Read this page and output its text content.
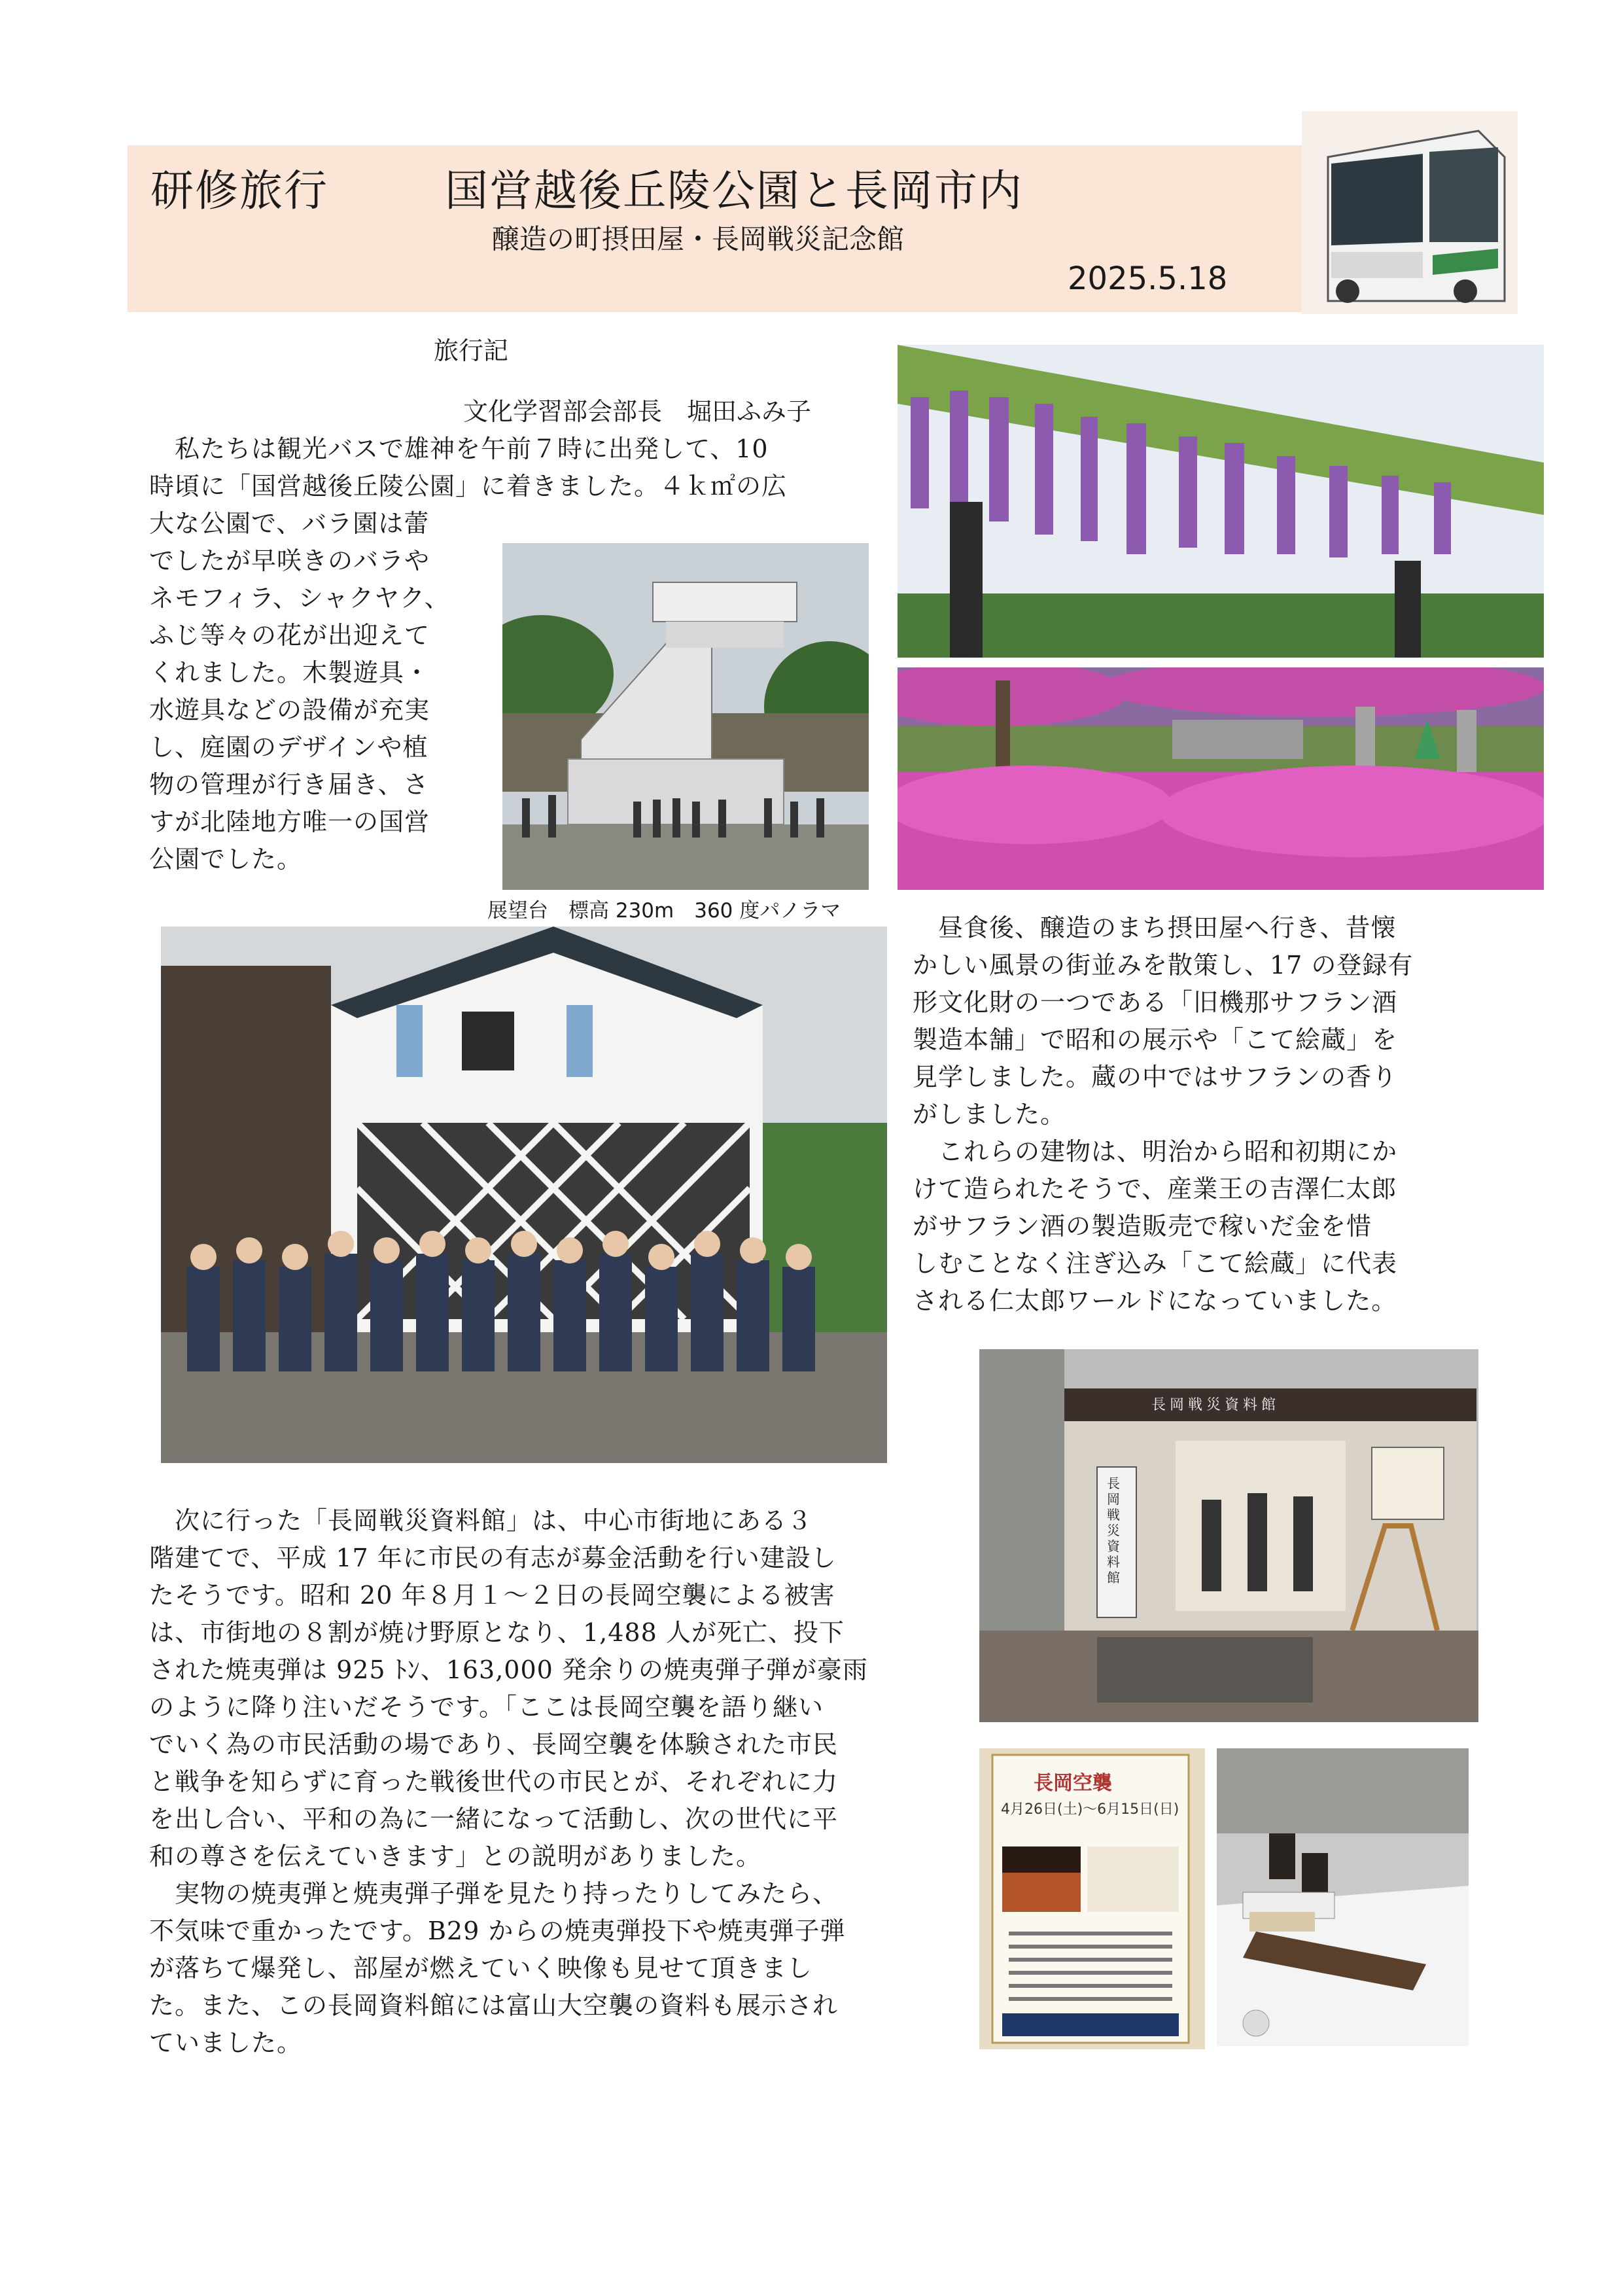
研修旅行	国営越後丘陵公園と長岡市内
醸造の町摂田屋・長岡戦災記念館
2025.5.18
旅行記
文化学習部会部長　堀田ふみ子
　私たちは観光バスで雄神を午前７時に出発して、10
時頃に「国営越後丘陵公園」に着きました。４ｋ㎡の広
大な公園で、バラ園は蕾
でしたが早咲きのバラや
ネモフィラ、シャクヤク、
ふじ等々の花が出迎えて
くれました。木製遊具・
水遊具などの設備が充実
し、庭園のデザインや植
物の管理が行き届き、さ
すが北陸地方唯一の国営
公園でした。
展望台　標高 230m　360 度パノラマ
　昼食後、醸造のまち摂田屋へ行き、昔懐
かしい風景の街並みを散策し、17 の登録有
形文化財の一つである「旧機那サフラン酒
製造本舗」で昭和の展示や「こて絵蔵」を
見学しました。蔵の中ではサフランの香り
がしました。
　これらの建物は、明治から昭和初期にか
けて造られたそうで、産業王の吉澤仁太郎
がサフラン酒の製造販売で稼いだ金を惜
しむことなく注ぎ込み「こて絵蔵」に代表
される仁太郎ワールドになっていました。
長岡戦災資料館
長岡戦災資料館
　次に行った「長岡戦災資料館」は、中心市街地にある３
階建てで、平成 17 年に市民の有志が募金活動を行い建設し
たそうです。昭和 20 年８月１～２日の長岡空襲による被害
は、市街地の８割が焼け野原となり、1,488 人が死亡、投下
された焼夷弾は 925 ﾄﾝ、163,000 発余りの焼夷弾子弾が豪雨
のように降り注いだそうです。「ここは長岡空襲を語り継い
でいく為の市民活動の場であり、長岡空襲を体験された市民
と戦争を知らずに育った戦後世代の市民とが、それぞれに力
を出し合い、平和の為に一緒になって活動し、次の世代に平
和の尊さを伝えていきます」との説明がありました。
　実物の焼夷弾と焼夷弾子弾を見たり持ったりしてみたら、
不気味で重かったです。B29 からの焼夷弾投下や焼夷弾子弾
が落ちて爆発し、部屋が燃えていく映像も見せて頂きまし
た。また、この長岡資料館には富山大空襲の資料も展示され
ていました。
長岡空襲
4月26日(土)〜6月15日(日)
